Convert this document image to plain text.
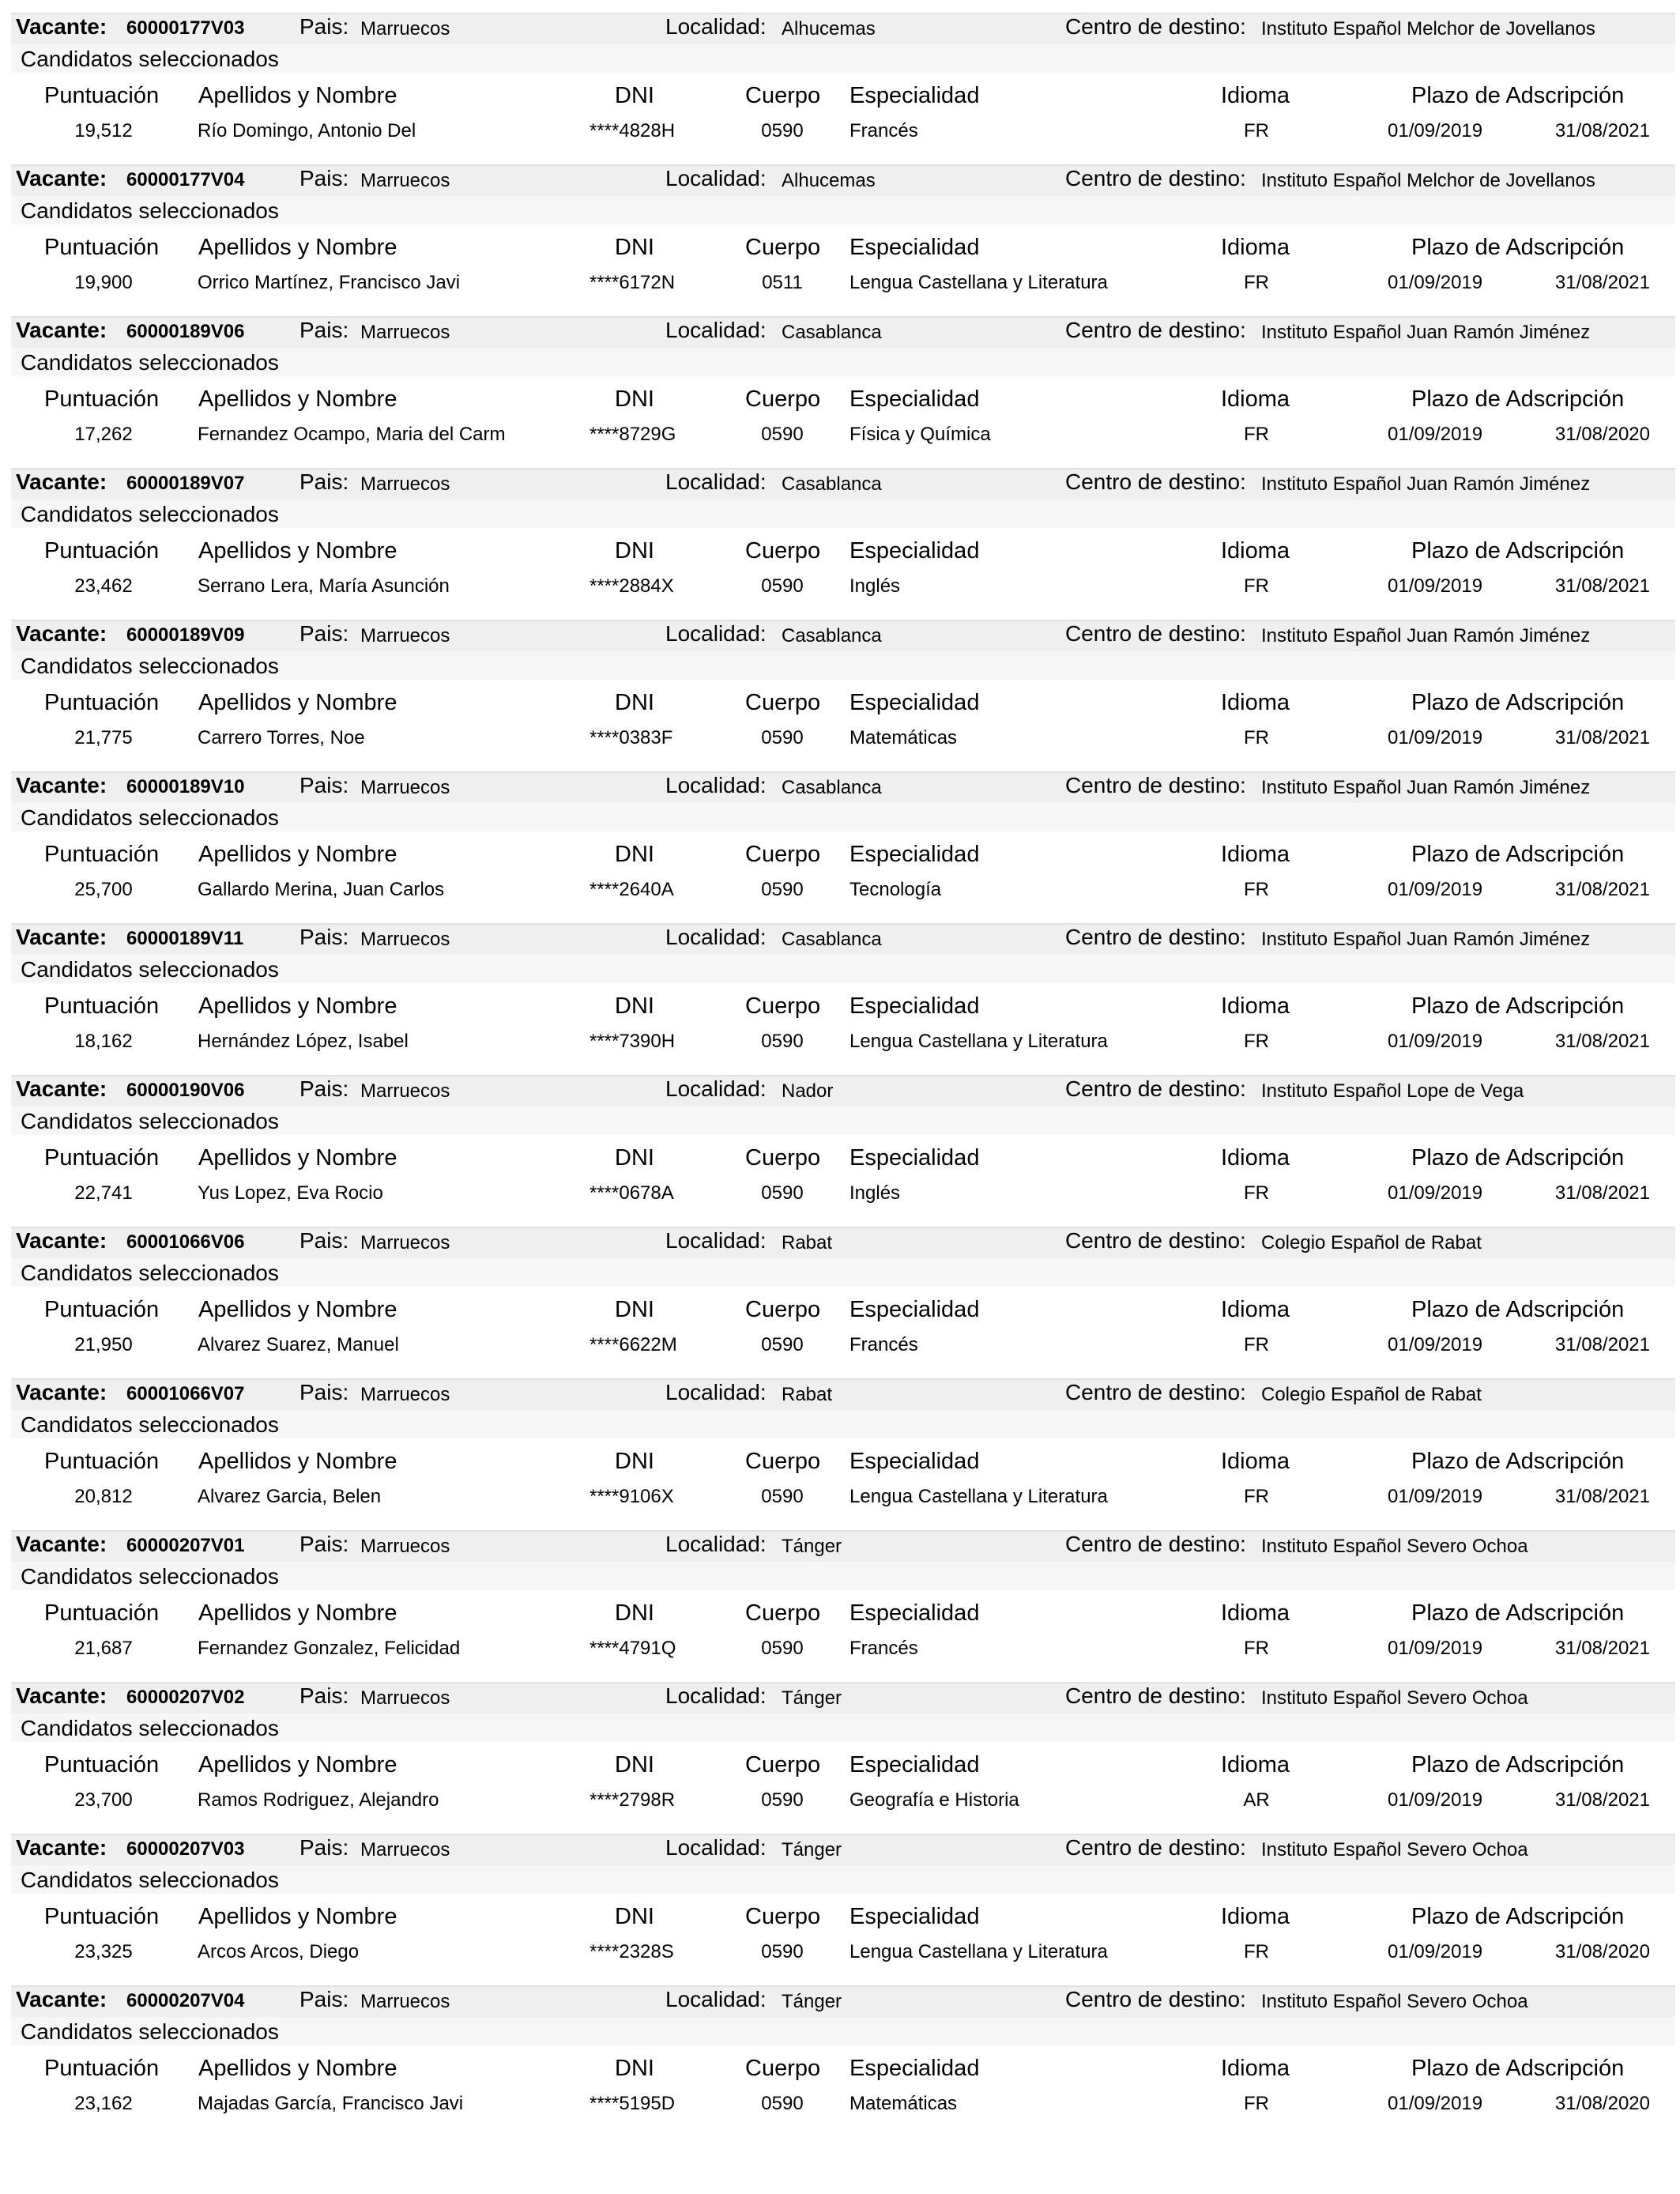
Vacante: 60000177V03 Pais: Marruecos	Localidad: Alhucemas	Centro de destino: Instituto Español Melchor de Jovellanos
Candidatos seleccionados
Puntuación Apellidos y Nombre	DNI	Cuerpo Especialidad	Idioma	Plazo de Adscripción
19,512	Río Domingo, Antonio Del	****4828H	0590 Francés	FR	01/09/2019	31/08/2021
Vacante: 60000177V04 Pais: Marruecos	Localidad: Alhucemas	Centro de destino: Instituto Español Melchor de Jovellanos
Candidatos seleccionados
Puntuación Apellidos y Nombre	DNI	Cuerpo Especialidad	Idioma	Plazo de Adscripción
19,900	Orrico Martínez, Francisco Javi	****6172N	0511 Lengua Castellana y Literatura	FR	01/09/2019	31/08/2021
Vacante: 60000189V06 Pais: Marruecos	Localidad: Casablanca	Centro de destino: Instituto Español Juan Ramón Jiménez
Candidatos seleccionados
Puntuación Apellidos y Nombre	DNI	Cuerpo Especialidad	Idioma	Plazo de Adscripción
17,262	Fernandez Ocampo, Maria del Carm	****8729G	0590 Física y Química	FR	01/09/2019	31/08/2020
Vacante: 60000189V07 Pais: Marruecos	Localidad: Casablanca	Centro de destino: Instituto Español Juan Ramón Jiménez
Candidatos seleccionados
Puntuación Apellidos y Nombre	DNI	Cuerpo Especialidad	Idioma	Plazo de Adscripción
23,462	Serrano Lera, María Asunción	****2884X	0590 Inglés	FR	01/09/2019	31/08/2021
Vacante: 60000189V09 Pais: Marruecos	Localidad: Casablanca	Centro de destino: Instituto Español Juan Ramón Jiménez
Candidatos seleccionados
Puntuación Apellidos y Nombre	DNI	Cuerpo Especialidad	Idioma	Plazo de Adscripción
21,775	Carrero Torres, Noe	****0383F	0590 Matemáticas	FR	01/09/2019	31/08/2021
Vacante: 60000189V10 Pais: Marruecos	Localidad: Casablanca	Centro de destino: Instituto Español Juan Ramón Jiménez
Candidatos seleccionados
Puntuación Apellidos y Nombre	DNI	Cuerpo Especialidad	Idioma	Plazo de Adscripción
25,700	Gallardo Merina, Juan Carlos	****2640A	0590 Tecnología	FR	01/09/2019	31/08/2021
Vacante: 60000189V11	Pais: Marruecos	Localidad: Casablanca	Centro de destino: Instituto Español Juan Ramón Jiménez
Candidatos seleccionados
Puntuación Apellidos y Nombre	DNI	Cuerpo Especialidad	Idioma	Plazo de Adscripción
18,162	Hernández López, Isabel	****7390H	0590 Lengua Castellana y Literatura	FR	01/09/2019	31/08/2021
Vacante: 60000190V06 Pais: Marruecos	Localidad: Nador	Centro de destino: Instituto Español Lope de Vega
Candidatos seleccionados
Puntuación Apellidos y Nombre	DNI	Cuerpo Especialidad	Idioma	Plazo de Adscripción
22,741	Yus Lopez, Eva Rocio	****0678A	0590 Inglés	FR	01/09/2019	31/08/2021
Vacante: 60001066V06 Pais: Marruecos	Localidad: Rabat	Centro de destino: Colegio Español de Rabat
Candidatos seleccionados
Puntuación Apellidos y Nombre	DNI	Cuerpo Especialidad	Idioma	Plazo de Adscripción
21,950	Alvarez Suarez, Manuel	****6622M	0590 Francés	FR	01/09/2019	31/08/2021
Vacante: 60001066V07 Pais: Marruecos	Localidad: Rabat	Centro de destino: Colegio Español de Rabat
Candidatos seleccionados
Puntuación Apellidos y Nombre	DNI	Cuerpo Especialidad	Idioma	Plazo de Adscripción
20,812	Alvarez Garcia, Belen	****9106X	0590 Lengua Castellana y Literatura	FR	01/09/2019	31/08/2021
Vacante: 60000207V01 Pais: Marruecos	Localidad: Tánger	Centro de destino: Instituto Español Severo Ochoa
Candidatos seleccionados
Puntuación Apellidos y Nombre	DNI	Cuerpo Especialidad	Idioma	Plazo de Adscripción
21,687	Fernandez Gonzalez, Felicidad	****4791Q	0590 Francés	FR	01/09/2019	31/08/2021
Vacante: 60000207V02 Pais: Marruecos	Localidad: Tánger	Centro de destino: Instituto Español Severo Ochoa
Candidatos seleccionados
Puntuación Apellidos y Nombre	DNI	Cuerpo Especialidad	Idioma	Plazo de Adscripción
23,700	Ramos Rodriguez, Alejandro	****2798R	0590 Geografía e Historia	AR	01/09/2019	31/08/2021
Vacante: 60000207V03 Pais: Marruecos	Localidad: Tánger	Centro de destino: Instituto Español Severo Ochoa
Candidatos seleccionados
Puntuación Apellidos y Nombre	DNI	Cuerpo Especialidad	Idioma	Plazo de Adscripción
23,325	Arcos Arcos, Diego	****2328S	0590 Lengua Castellana y Literatura	FR	01/09/2019	31/08/2020
Vacante: 60000207V04 Pais: Marruecos	Localidad: Tánger	Centro de destino: Instituto Español Severo Ochoa
Candidatos seleccionados
Puntuación Apellidos y Nombre	DNI	Cuerpo Especialidad	Idioma	Plazo de Adscripción
23,162	Majadas García, Francisco Javi	****5195D	0590 Matemáticas	FR	01/09/2019	31/08/2020
